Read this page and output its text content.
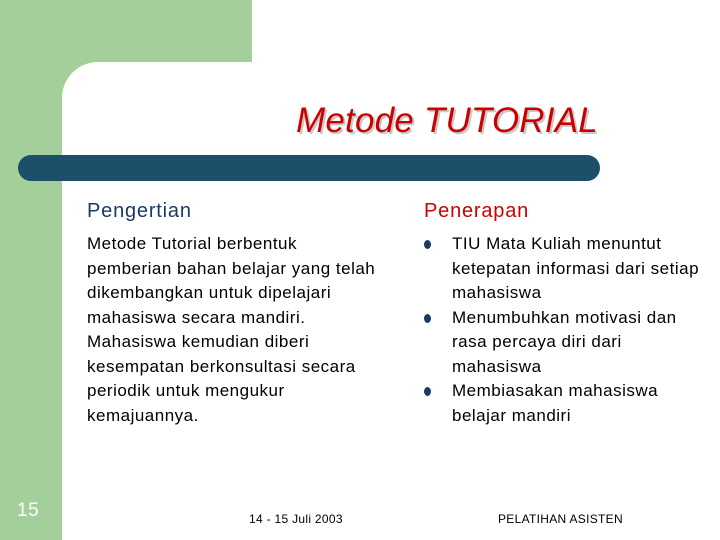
Metode TUTORIAL
Pengertian

Metode Tutorial berbentuk pemberian bahan belajar yang telah dikembangkan untuk dipelajari mahasiswa secara mandiri.

Mahasiswa kemudian diberi kesempatan berkonsultasi secara periodik untuk mengukur kemajuannya.

Penerapan
TIU Mata Kuliah menuntut ketepatan informasi dari setiap mahasiswa
Menumbuhkan motivasi dan rasa percaya diri dari mahasiswa
Membiasakan mahasiswa belajar mandiri
15	14 - 15 Juli 2003	PELATIHAN ASISTEN
